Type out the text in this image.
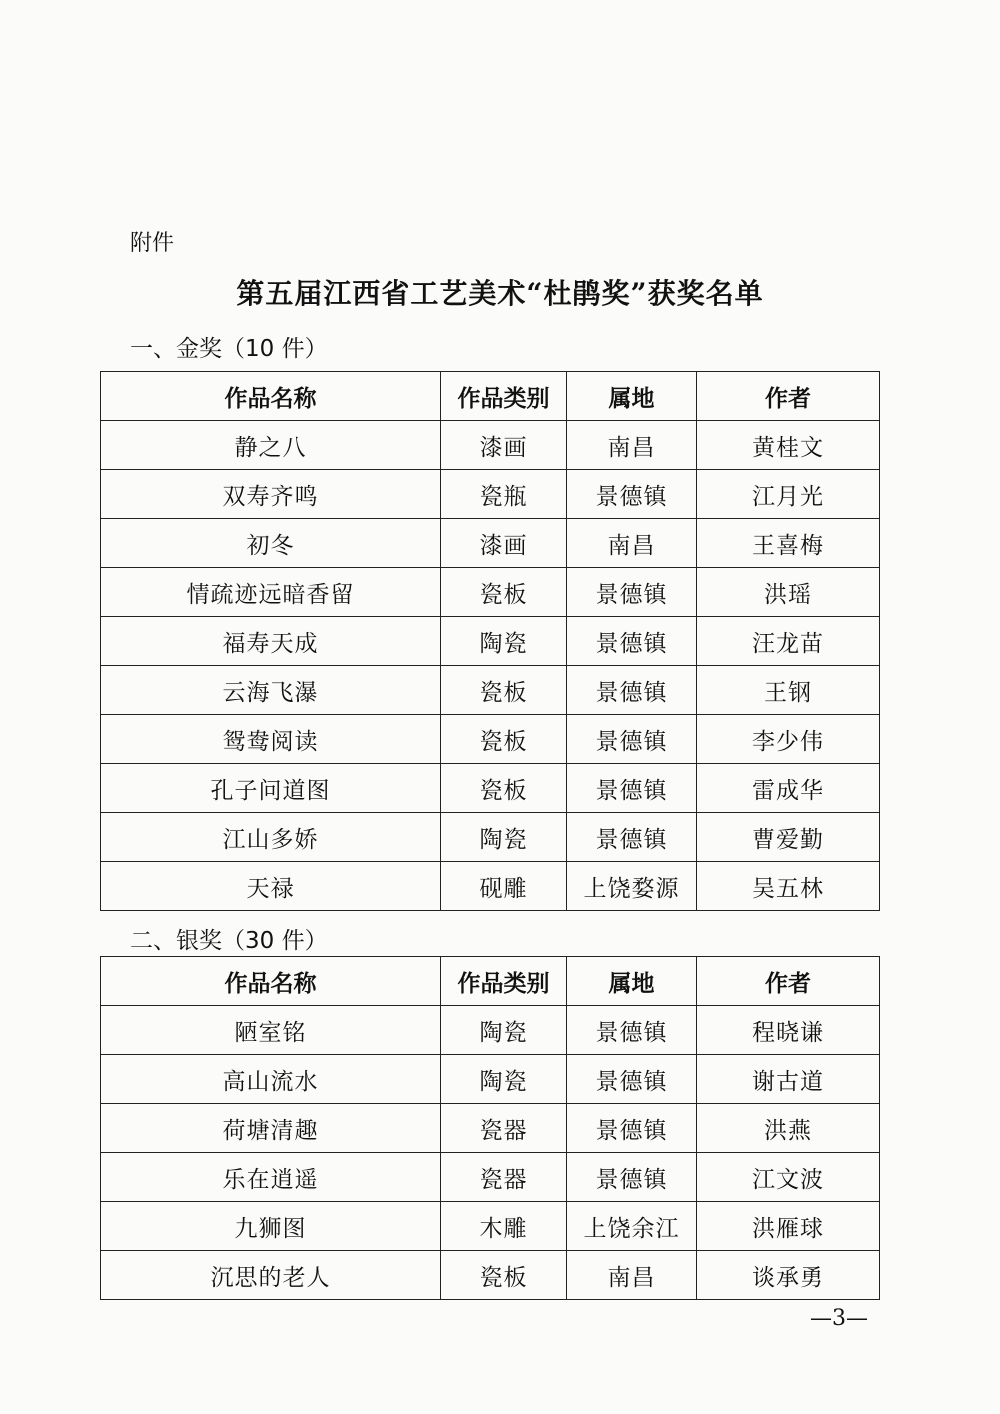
附件
第五届江西省工艺美术“杜鹃奖”获奖名单
一、金奖（10 件）
作品名称	作品类别	属地	作者
静之八	漆画	南昌	黄桂文
双寿齐鸣	瓷瓶	景德镇	江月光
初冬	漆画	南昌	王喜梅
情疏迹远暗香留	瓷板	景德镇	洪瑶
福寿天成	陶瓷	景德镇	汪龙苗
云海飞瀑	瓷板	景德镇	王钢
鸳鸯阅读	瓷板	景德镇	李少伟
孔子问道图	瓷板	景德镇	雷成华
江山多娇	陶瓷	景德镇	曹爱勤
天禄	砚雕	上饶婺源	吴五林
二、银奖（30 件）
作品名称	作品类别	属地	作者
陋室铭	陶瓷	景德镇	程晓谦
高山流水	陶瓷	景德镇	谢古道
荷塘清趣	瓷器	景德镇	洪燕
乐在逍遥	瓷器	景德镇	江文波
九狮图	木雕	上饶余江	洪雁球
沉思的老人	瓷板	南昌	谈承勇
—3—
